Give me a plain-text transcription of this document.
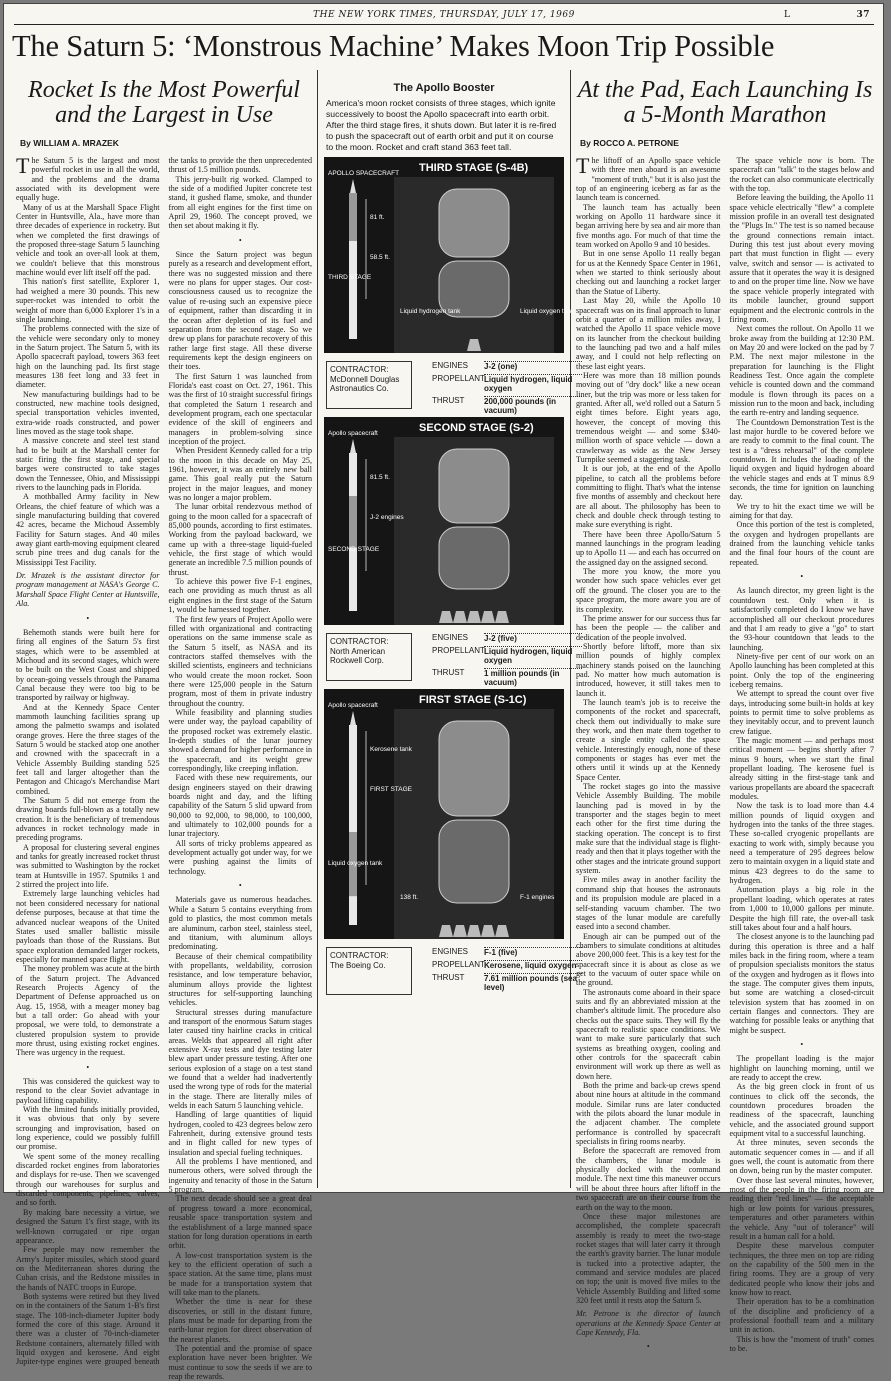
THE NEW YORK TIMES, THURSDAY, JULY 17, 1969	L	37
The Saturn 5: ‘Monstrous Machine’ Makes Moon Trip Possible
Rocket Is the Most Powerful and the Largest in Use
By WILLIAM A. MRAZEK

The Saturn 5 is the largest and most powerful rocket in use in all the world, and the problems and the drama associated with its development were equally huge.

Many of us at the Marshall Space Flight Center in Huntsville, Ala., have more than three decades of experience in rocketry. But when we completed the first drawings of the proposed three-stage Saturn 5 launching vehicle and took an over-all look at them, we couldn't believe that this monstrous machine would ever lift itself off the pad.

This nation's first satellite, Explorer 1, had weighed a mere 30 pounds. This new super-rocket was intended to orbit the weight of more than 6,000 Explorer 1's in a single launching.

The problems connected with the size of the vehicle were secondary only to money in the Saturn project. The Saturn 5, with its Apollo spacecraft payload, towers 363 feet high on the launching pad. Its first stage measures 138 feet long and 33 feet in diameter.

New manufacturing buildings had to be constructed, new machine tools designed, special transportation vehicles invented, extra-wide roads constructed, and power lines moved as the stage took shape.

A massive concrete and steel test stand had to be built at the Marshall center for static firing the first stage, and special barges were constructed to take stages down the Tennessee, Ohio, and Mississippi rivers to the launching pads in Florida.

A mothballed Army facility in New Orleans, the chief feature of which was a single manufacturing building that covered 42 acres, became the Michoud Assembly Facility for Saturn stages. And 40 miles away giant earth-moving equipment cleared scrub pine trees and dug canals for the Mississippi Test Facility.

Dr. Mrazek is the assistant director for program management at NASA's George C. Marshall Space Flight Center at Huntsville, Ala.

•

Behemoth stands were built here for firing all engines of the Saturn 5's first stages, which were to be assembled at Michoud and its second stages, which were to be built on the West Coast and shipped by ocean-going vessels through the Panama Canal because they were too big to be transported by railway or highway.

And at the Kennedy Space Center mammoth launching facilities sprang up among the palmetto swamps and isolated orange groves. Here the three stages of the Saturn 5 would be stacked atop one another and crowned with the spacecraft in a Vehicle Assembly Building standing 525 feet tall and larger altogether than the Pentagon and Chicago's Merchandise Mart combined.

The Saturn 5 did not emerge from the drawing boards full-blown as a totally new creation. It is the beneficiary of tremendous advances in rocket technology made in preceding programs.

A proposal for clustering several engines and tanks for greatly increased rocket thrust was submitted to Washington by the rocket team at Huntsville in 1957. Sputniks 1 and 2 stirred the project into life.

Extremely large launching vehicles had not been considered necessary for national defense purposes, because at that time the advanced nuclear weapons of the United States used smaller ballistic missile payloads than those of the Russians. But space exploration demanded larger rockets, especially for manned space flight.

The money problem was acute at the birth of the Saturn project. The Advanced Research Projects Agency of the Department of Defense approached us on Aug. 15, 1958, with a meager money bag but a tall order: Go ahead with your proposal, we were told, to demonstrate a clustered propulsion system to provide more thrust, using existing rocket engines. There was urgency in the request.

•

This was considered the quickest way to respond to the clear Soviet advantage in payload lifting capability.

With the limited funds initially provided, it was obvious that only by severe scrounging and improvisation, based on long experience, could we possibly fulfill our promise.

We spent some of the money recalling discarded rocket engines from laboratories and displays for re-use. Then we scavenged through our warehouses for surplus and discarded components, pipelines, valves, and so forth.

By making bare necessity a virtue, we designed the Saturn 1's first stage, with its well-known corrugated or ripe organ appearance.

Few people may now remember the Army's Jupiter missiles, which stood guard on the Mediterranean shores during the Cuban crisis, and the Redstone missiles in the hands of NATC troops in Europe.

Both systems were retired but they lived on in the containers of the Saturn 1-B's first stage. The 108-inch-diameter Jupiter body formed the core of this stage. Around it there was a cluster of 70-inch-diameter Redstone containers, alternately filled with liquid oxygen and kerosene. And eight Jupiter-type engines were grouped beneath the tanks to provide the then unprecedented thrust of 1.5 million pounds.

This jerry-built rig worked. Clamped to the side of a modified Jupiter concrete test stand, it gushed flame, smoke, and thunder from all eight engines for the first time on April 29, 1960. The concept proved, we then set about making it fly.

•

Since the Saturn project was begun purely as a research and development effort, there was no suggested mission and there were no plans for upper stages. Our cost-consciousness caused us to recognize the value of re-using such an expensive piece of equipment, rather than discarding it in the ocean after depletion of its fuel and separation from the second stage. So we drew up plans for parachute recovery of this rather large first stage. All these diverse requirements kept the design engineers on their toes.

The first Saturn 1 was launched from Florida's east coast on Oct. 27, 1961. This was the first of 10 straight successful firings that completed the Saturn 1 research and development program, each one spectacular evidence of the skill of engineers and managers in problem-solving since inception of the project.

When President Kennedy called for a trip to the moon in this decade on May 25, 1961, however, it was an entirely new ball game. This goal really put the Saturn project in the major leagues, and money was no longer a major problem.

The lunar orbital rendezvous method of going to the moon called for a spacecraft of 85,000 pounds, according to first estimates. Working from the payload backward, we came up with a three-stage liquid-fueled vehicle, the first stage of which would generate an incredible 7.5 million pounds of thrust.

To achieve this power five F-1 engines, each one providing as much thrust as all eight engines in the first stage of the Saturn 1, would be harnessed together.

The first few years of Project Apollo were filled with organizational and contracting operations on the same immense scale as the Saturn 5 itself, as NASA and its contractors staffed themselves with the skilled scientists, engineers and technicians who would create the moon rocket. Soon there were 125,000 people in the Saturn program, most of them in private industry throughout the country.

While feasibility and planning studies were under way, the payload capability of the proposed rocket was extremely elastic. In-depth studies of the lunar journey showed a demand for higher performance in the spacecraft, and its weight grew correspondingly, like creeping inflation.

Faced with these new requirements, our design engineers stayed on their drawing boards night and day, and the lifting capability of the Saturn 5 slid upward from 90,000 to 92,000, to 98,000, to 100,000, and ultimately to 102,000 pounds for a lunar trajectory.

All sorts of tricky problems appeared as development actually got under way, for we were pushing against the limits of technology.

•

Materials gave us numerous headaches. While a Saturn 5 contains everything from gold to plastics, the most common metals are aluminum, carbon steel, stainless steel, and titanium, with aluminum alloys predominating.

Because of their chemical compatibility with propellants, weldability, corrosion resistance, and low temperature behavior, aluminum alloys provide the lightest structures for self-supporting launching vehicles.

Structural stresses during manufacture and transport of the enormous Saturn stages later caused tiny hairline cracks in critical areas. Welds that appeared all right after extensive X-ray tests and dye testing later blew apart under pressure testing. After one serious explosion of a stage on a test stand we found that a welder had inadvertently used the wrong type of rods for the material in the stage. There are literally miles of welds in each Saturn 5 launching vehicle.

Handling of large quantities of liquid hydrogen, cooled to 423 degrees below zero Fahrenheit, during extensive ground tests and in flight called for new types of insulation and special fueling techniques.

All the problems I have mentioned, and numerous others, were solved through the ingenuity and tenacity of those in the Saturn 5 program.

The next decade should see a great deal of progress toward a more economical, reusable space transportation system and the establishment of a large manned space station for long duration operations in earth orbit.

A low-cost transportation system is the key to the efficient operation of such a space station. At the same time, plans must be made for a transportation system that will take man to the planets.

Whether the time is near for these discoveries, or still in the distant future, plans must be made for departing from the earth-lunar region for direct observation of the nearest planets.

The potential and the promise of space exploration have never been brighter. We must continue to sow the seeds if we are to reap the rewards.

The Apollo Booster
America's moon rocket consists of three stages, which ignite successively to boost the Apollo spacecraft into earth orbit. After the third stage fires, it shuts down. But later it is re-fired to push the spacecraft out of earth orbit and put it on course to the moon. Rocket and craft stand 363 feet tall.
THIRD STAGE (S-4B)
APOLLO SPACECRAFT
THIRD STAGE
81 ft.
58.5 ft.
Liquid hydrogen tank	Liquid oxygen tank
CONTRACTOR:
McDonnell Douglas Astronautics Co.
ENGINES	J-2 (one)
PROPELLANT Liquid hydrogen, liquid oxygen
THRUST	200,000 pounds (in vacuum)
SECOND STAGE (S-2)
Apollo spacecraft
SECOND STAGE
81.5 ft.
J-2 engines
CONTRACTOR:
North American Rockwell Corp.
ENGINES	J-2 (five)
PROPELLANT Liquid hydrogen, liquid oxygen
THRUST	1 million pounds (in vacuum)
FIRST STAGE (S-1C)
Apollo spacecraft
Liquid oxygen tank
Kerosene tank
FIRST STAGE
138 ft.	F-1 engines
CONTRACTOR:
The Boeing Co.
ENGINES	F-1 (five)
PROPELLANT Kerosene, liquid oxygen
THRUST	7.61 million pounds (sea level)
At the Pad, Each Launching Is a 5-Month Marathon
By ROCCO A. PETRONE

The liftoff of an Apollo space vehicle with three men aboard is an awesome "moment of truth," but it is also just the top of an engineering iceberg as far as the launch team is concerned.

The launch team has actually been working on Apollo 11 hardware since it began arriving here by sea and air more than five months ago. For much of that time the team worked on Apollo 9 and 10 besides.

But in one sense Apollo 11 really began for us at the Kennedy Space Center in 1961, when we started to think seriously about checking out and launching a rocket larger than the Statue of Liberty.

Last May 20, while the Apollo 10 spacecraft was on its final approach to lunar orbit a quarter of a million miles away, I watched the Apollo 11 space vehicle move on its launcher from the checkout building to the launching pad two and a half miles away, and I could not help reflecting on these last eight years.

Here was more than 18 million pounds moving out of "dry dock" like a new ocean liner, but the trip was more or less taken for granted. After all, we'd rolled out a Saturn 5 eight times before. Eight years ago, however, the concept of moving this tremendous weight — and some $340-million worth of space vehicle — down a crawlerway as wide as the New Jersey Turnpike seemed a staggering task.

It is our job, at the end of the Apollo pipeline, to catch all the problems before committing to flight. That's what the intense five months of assembly and checkout here are all about. The philosophy has been to check and double check through testing to make sure everything is right.

There have been three Apollo/Saturn 5 manned launchings in the program leading up to Apollo 11 — and each has occurred on the assigned day on the assigned second.

The more you know, the more you wonder how such space vehicles ever get off the ground. The closer you are to the space program, the more aware you are of its complexity.

The prime answer for our success thus far has been the people — the caliber and dedication of the people involved.

Shortly before liftoff, more than six million pounds of highly complex machinery stands poised on the launching pad. No matter how much automation is introduced, however, it still takes men to launch it.

The launch team's job is to receive the components of the rocket and spacecraft, check them out individually to make sure they work, and then mate them together to create a single entity called the space vehicle. Interestingly enough, none of these components or stages has ever met the others until it winds up at the Kennedy Space Center.

The rocket stages go into the massive Vehicle Assembly Building. The mobile launching pad is moved in by the transporter and the stages begin to meet each other for the first time during the stacking operation. The concept is to first make sure that the individual stage is flight-ready and then that it plays together with the other stages and the intricate ground support system.

Five miles away in another facility the command ship that houses the astronauts and its propulsion module are placed in a self-standing vacuum chamber. The two stages of the lunar module are carefully eased into a second chamber.

Enough air can be pumped out of the chambers to simulate conditions at altitudes above 200,000 feet. This is a key test for the spacecraft since it is about as close as we get to the vacuum of outer space while on the ground.

The astronauts come aboard in their space suits and fly an abbreviated mission at the chamber's altitude limit. The procedure also checks out the space suits. They will fly the spacecraft to realistic space conditions. We want to make sure particularly that such systems as breathing oxygen, cooling and other controls for the spacecraft cabin environment will work up there as well as down here.

Both the prime and back-up crews spend about nine hours at altitude in the command module. Similar runs are later conducted with the pilots aboard the lunar module in the adjacent chamber. The complete performance is controlled by spacecraft specialists in firing rooms nearby.

Before the spacecraft are removed from the chambers, the lunar module is physically docked with the command module. The next time this maneuver occurs will be about three hours after liftoff in the two spacecraft are on their course from the earth on the way to the moon.

Once these major milestones are accomplished, the complete spacecraft assembly is ready to meet the two-stage rocket stages that will later carry it through the earth's gravity barrier. The lunar module is tucked into a protective adapter, the command and service modules are placed on top; the unit is moved five miles to the Vehicle Assembly Building and lifted some 320 feet until it rests atop the Saturn 5.

Mr. Petrone is the director of launch operations at the Kennedy Space Center at Cape Kennedy, Fla.

•

The space vehicle now is born. The spacecraft can "talk" to the stages below and the rocket can also communicate electrically with the top.

Before leaving the building, the Apollo 11 space vehicle electrically "flew" a complete mission profile in an overall test designated the "Plugs In." The test is so named because the ground connections remain intact. During this test just about every moving part that must function in flight — every valve, switch and sensor — is activated to assure that it operates the way it is designed to and on the proper time line. Now we have the space vehicle properly integrated with its mobile launcher, ground support equipment and the electronic controls in the firing room.

Next comes the rollout. On Apollo 11 we broke away from the building at 12:30 P.M. on May 20 and were locked on the pad by 7 P.M. The next major milestone in the preparation for launching is the Flight Readiness Test. Once again the complete vehicle is counted down and the command module is flown through its paces on a mission run to the moon and back, including the earth re-entry and landing sequence.

The Countdown Demonstration Test is the last major hurdle to be covered before we are ready to commit to the final count. The test is a "dress rehearsal" of the complete countdown. It includes the loading of the liquid oxygen and liquid hydrogen aboard the vehicle stages and ends at T minus 8.9 seconds, the time for ignition on launching day.

We try to hit the exact time we will be aiming for that day.

Once this portion of the test is completed, the oxygen and hydrogen propellants are drained from the launching vehicle tanks and the final four hours of the count are repeated.

•

As launch director, my green light is the countdown test. Only when it is satisfactorily completed do I know we have accomplished all our checkout procedures and that I am ready to give a "go" to start the 93-hour countdown that leads to the launching.

Ninety-five per cent of our work on an Apollo launching has been completed at this point. Only the top of the engineering iceberg remains.

We attempt to spread the count over five days, introducing some built-in holds at key points to permit time to solve problems as they inevitably occur, and to prevent launch crew fatigue.

The magic moment — and perhaps most critical moment — begins shortly after 7 minus 9 hours, when we start the final propellant loading. The kerosene fuel is already sitting in the first-stage tank and various propellants are aboard the spacecraft modules.

Now the task is to load more than 4.4 million pounds of liquid oxygen and hydrogen into the tanks of the three stages. These so-called cryogenic propellants are exacting to work with, simply because you need a temperature of 295 degrees below zero to maintain oxygen in a liquid state and minus 423 degrees to do the same to hydrogen.

Automation plays a big role in the propellant loading, which operates at rates from 1,000 to 10,000 gallons per minute. Despite the high fill rate, the over-all task still takes about four and a half hours.

The closest anyone is to the launching pad during this operation is three and a half miles back in the firing room, where a team of propulsion specialists monitors the status of the oxygen and hydrogen as it flows into the stage. The computer gives them inputs, but some are watching a closed-circuit television system that has zoomed in on certain flanges and connectors. They are watching for possible leaks or anything that might be suspect.

•

The propellant loading is the major highlight on launching morning, until we are ready to accept the crew.

As the big green clock in front of us continues to click off the seconds, the countdown procedures broaden the readiness of the spacecraft, launching vehicle, and the associated ground support equipment vital to a successful launching.

At three minutes, seven seconds the automatic sequencer comes in — and if all goes well, the count is automatic from there on down, being run by the master computer.

Over those last several minutes, however, most of the people in the firing room are reading their "red lines" — the acceptable high or low points for various pressures, temperatures and other parameters within the vehicle. Any "out of tolerance" will result in a human call for a hold.

Despite these marvelous computer techniques, the three men on top are riding on the capability of the 500 men in the firing rooms. They are a group of very dedicated people who know their jobs and know how to react.

Their operation has to be a combination of the discipline and proficiency of a professional football team and a military unit in action.

This is how the "moment of truth" comes to be.
